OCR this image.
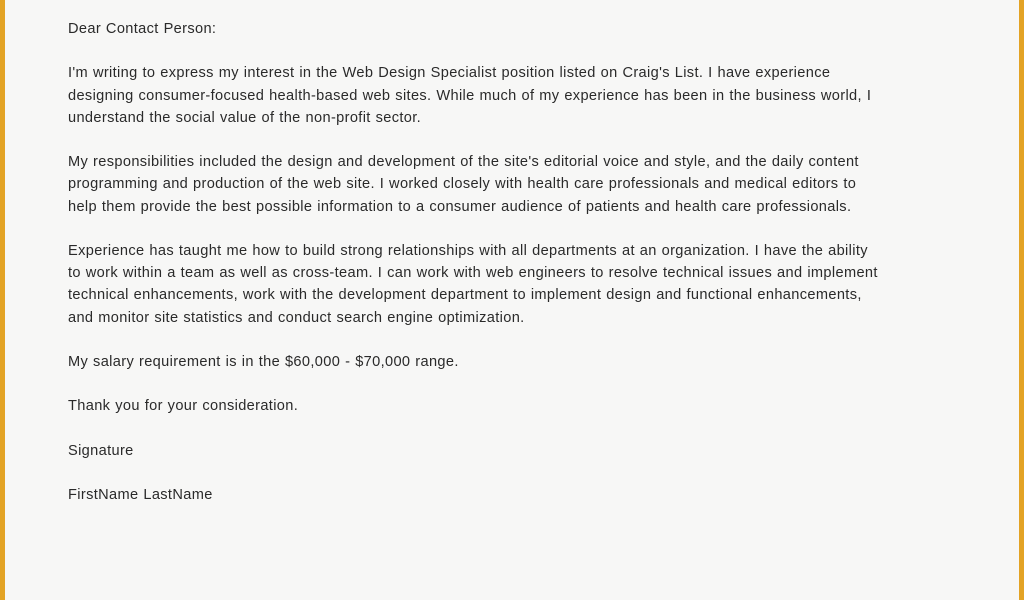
Dear Contact Person:

I'm writing to express my interest in the Web Design Specialist position listed on Craig's List. I have experience
designing consumer-focused health-based web sites. While much of my experience has been in the business world, I
understand the social value of the non-profit sector.

My responsibilities included the design and development of the site's editorial voice and style, and the daily content
programming and production of the web site. I worked closely with health care professionals and medical editors to
help them provide the best possible information to a consumer audience of patients and health care professionals.

Experience has taught me how to build strong relationships with all departments at an organization. I have the ability
to work within a team as well as cross-team. I can work with web engineers to resolve technical issues and implement
technical enhancements, work with the development department to implement design and functional enhancements,
and monitor site statistics and conduct search engine optimization.

My salary requirement is in the $60,000 - $70,000 range.

Thank you for your consideration.

Signature

FirstName LastName
